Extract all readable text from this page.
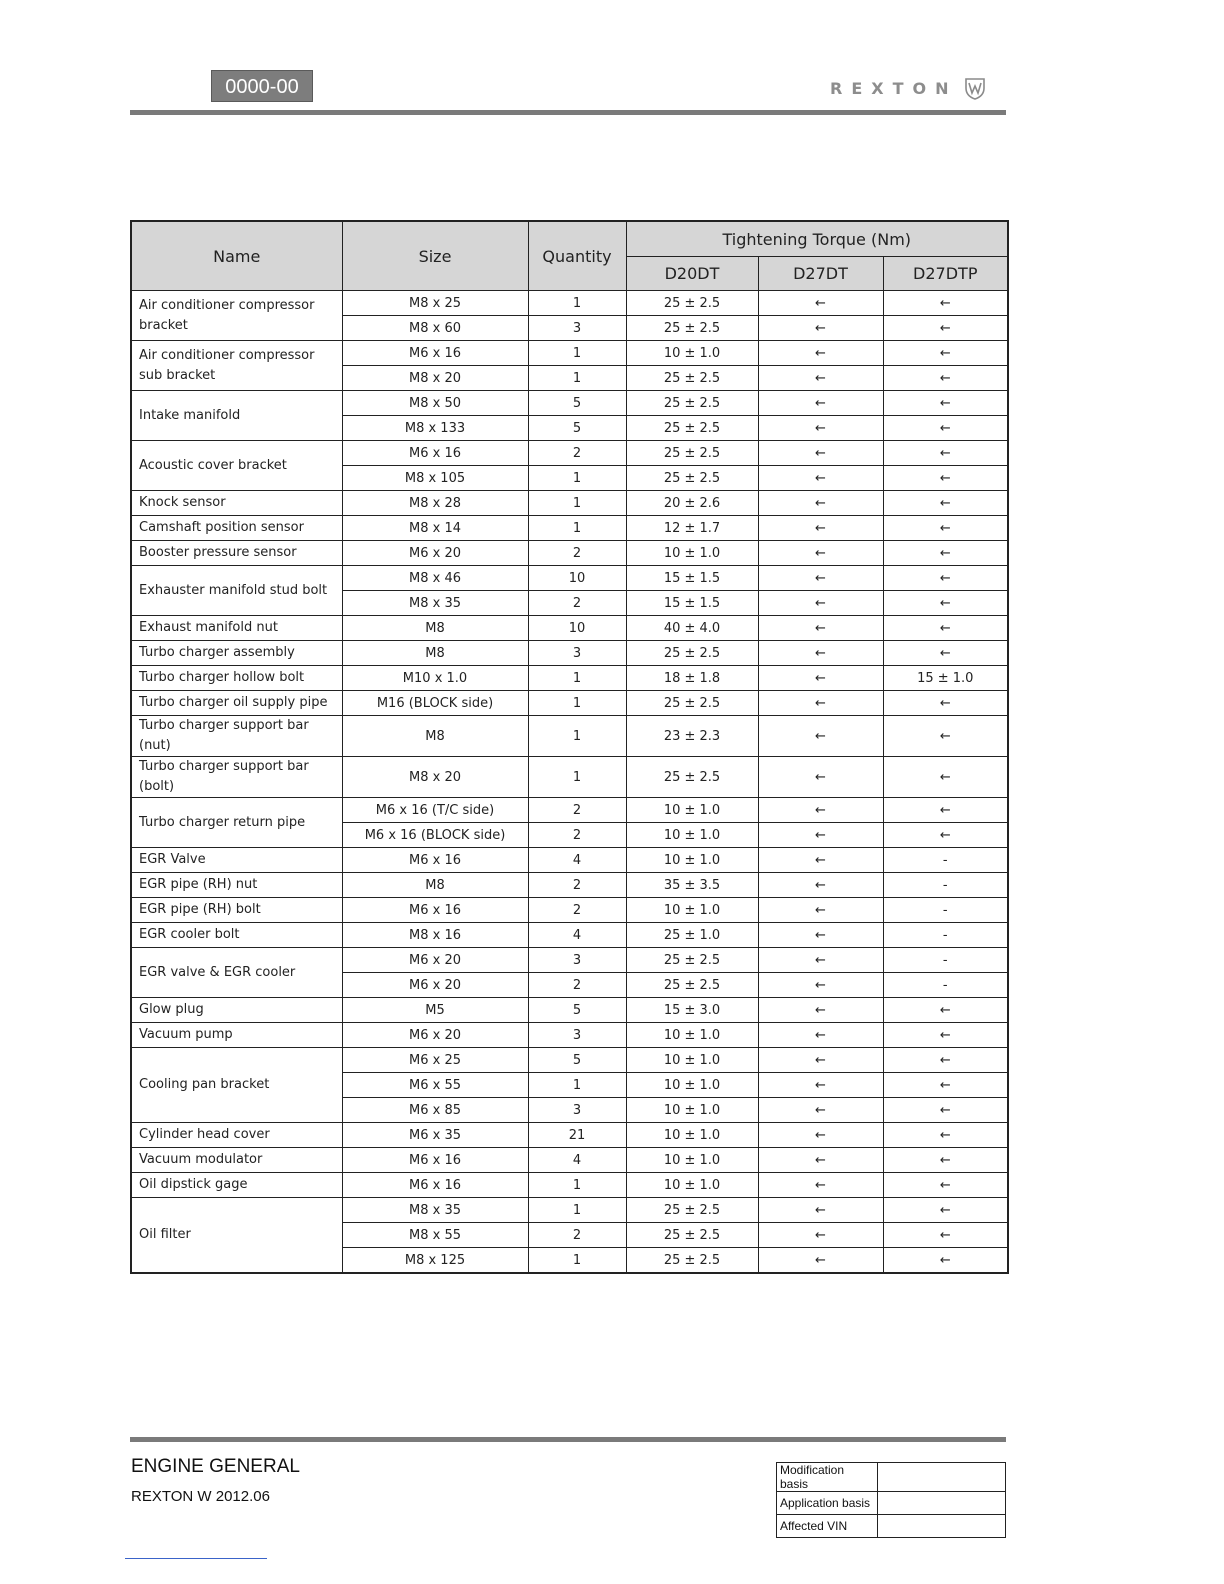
0000-00	REXTON
Name	Size	Quantity	Tightening Torque (Nm)		
			D20DT	D27DT	D27DTP
Air conditioner compressor bracket	M8 x 25	1	25 ± 2.5	←	←
	M8 x 60	3	25 ± 2.5	←	←
Air conditioner compressor sub bracket	M6 x 16	1	10 ± 1.0	←	←
	M8 x 20	1	25 ± 2.5	←	←
Intake manifold	M8 x 50	5	25 ± 2.5	←	←
	M8 x 133	5	25 ± 2.5	←	←
Acoustic cover bracket	M6 x 16	2	25 ± 2.5	←	←
	M8 x 105	1	25 ± 2.5	←	←
Knock sensor	M8 x 28	1	20 ± 2.6	←	←
Camshaft position sensor	M8 x 14	1	12 ± 1.7	←	←
Booster pressure sensor	M6 x 20	2	10 ± 1.0	←	←
Exhauster manifold stud bolt	M8 x 46	10	15 ± 1.5	←	←
	M8 x 35	2	15 ± 1.5	←	←
Exhaust manifold nut	M8	10	40 ± 4.0	←	←
Turbo charger assembly	M8	3	25 ± 2.5	←	←
Turbo charger hollow bolt	M10 x 1.0	1	18 ± 1.8	←	15 ± 1.0
Turbo charger oil supply pipe	M16 (BLOCK side)	1	25 ± 2.5	←	←
Turbo charger support bar (nut)	M8	1	23 ± 2.3	←	←
Turbo charger support bar (bolt)	M8 x 20	1	25 ± 2.5	←	←
Turbo charger return pipe	M6 x 16 (T/C side)	2	10 ± 1.0	←	←
	M6 x 16 (BLOCK side)	2	10 ± 1.0	←	←
EGR Valve	M6 x 16	4	10 ± 1.0	←	-
EGR pipe (RH) nut	M8	2	35 ± 3.5	←	-
EGR pipe (RH) bolt	M6 x 16	2	10 ± 1.0	←	-
EGR cooler bolt	M8 x 16	4	25 ± 1.0	←	-
EGR valve & EGR cooler	M6 x 20	3	25 ± 2.5	←	-
	M6 x 20	2	25 ± 2.5	←	-
Glow plug	M5	5	15 ± 3.0	←	←
Vacuum pump	M6 x 20	3	10 ± 1.0	←	←
Cooling pan bracket	M6 x 25	5	10 ± 1.0	←	←
	M6 x 55	1	10 ± 1.0	←	←
	M6 x 85	3	10 ± 1.0	←	←
Cylinder head cover	M6 x 35	21	10 ± 1.0	←	←
Vacuum modulator	M6 x 16	4	10 ± 1.0	←	←
Oil dipstick gage	M6 x 16	1	10 ± 1.0	←	←
Oil filter	M8 x 35	1	25 ± 2.5	←	←
	M8 x 55	2	25 ± 2.5	←	←
	M8 x 125	1	25 ± 2.5	←	←
ENGINE GENERAL
REXTON W 2012.06
Modification basis	
Application basis	
Affected VIN	
